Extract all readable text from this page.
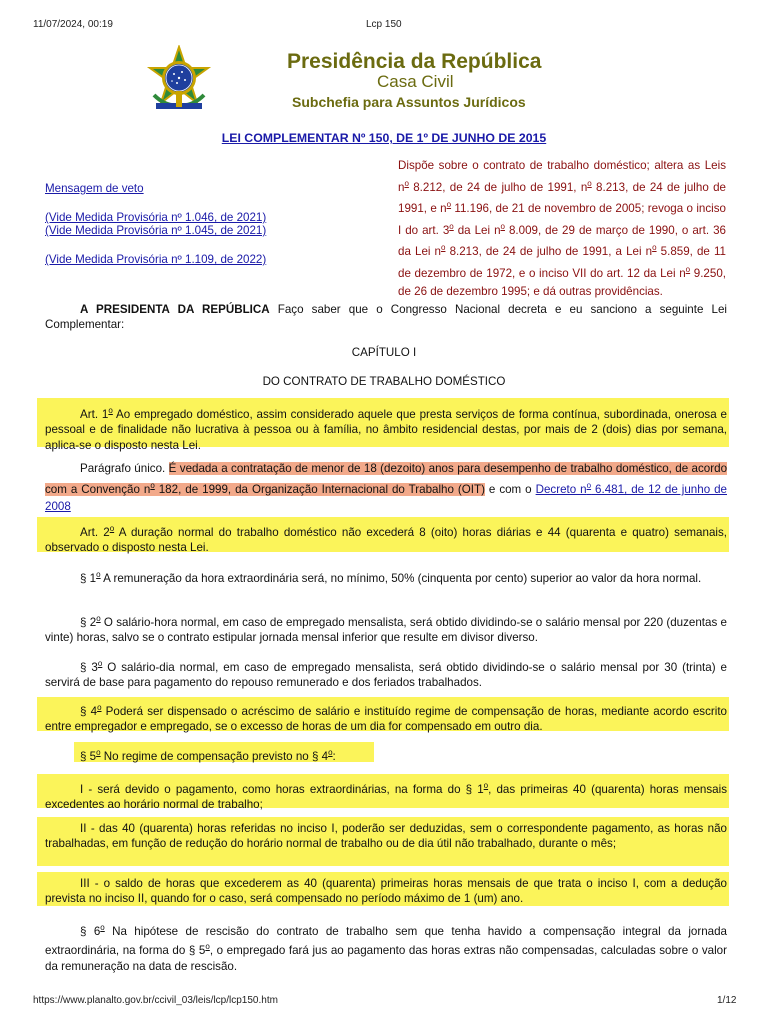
11/07/2024, 00:19	Lcp 150
https://www.planalto.gov.br/ccivil_03/leis/lcp/lcp150.htm	1/12
Presidência da República
Casa Civil
Subchefia para Assuntos Jurídicos
LEI COMPLEMENTAR Nº 150, DE 1º DE JUNHO DE 2015
Mensagem de veto
(Vide Medida Provisória nº 1.046, de 2021)
(Vide Medida Provisória nº 1.045, de 2021)
(Vide Medida Provisória nº 1.109, de 2022)
Dispõe sobre o contrato de trabalho doméstico; altera as Leis $n^o$ 8.212, de 24 de julho de 1991, $n^o$ 8.213, de 24 de julho de 1991, e $n^o$ 11.196, de 21 de novembro de 2005; revoga o inciso I do art. 3$^o$ da Lei $n^o$ 8.009, de 29 de março de 1990, o art. 36 da Lei $n^o$ 8.213, de 24 de julho de 1991, a Lei $n^o$ 5.859, de 11 de dezembro de 1972, e o inciso VII do art. 12 da Lei $n^o$ 9.250, de 26 de dezembro 1995; e dá outras providências.
A PRESIDENTA DA REPÚBLICA Faço saber que o Congresso Nacional decreta e eu sanciono a seguinte Lei Complementar:
CAPÍTULO I
DO CONTRATO DE TRABALHO DOMÉSTICO
Art. 1$^o$ Ao empregado doméstico, assim considerado aquele que presta serviços de forma contínua, subordinada, onerosa e pessoal e de finalidade não lucrativa à pessoa ou à família, no âmbito residencial destas, por mais de 2 (dois) dias por semana, aplica-se o disposto nesta Lei.
Parágrafo único. É vedada a contratação de menor de 18 (dezoito) anos para desempenho de trabalho doméstico, de acordo com a Convenção $n^o$ 182, de 1999, da Organização Internacional do Trabalho (OIT) e com o Decreto $n^o$ 6.481, de 12 de junho de 2008
Art. 2$^o$ A duração normal do trabalho doméstico não excederá 8 (oito) horas diárias e 44 (quarenta e quatro) semanais, observado o disposto nesta Lei.
§ 1$^o$ A remuneração da hora extraordinária será, no mínimo, 50% (cinquenta por cento) superior ao valor da hora normal.
§ 2$^o$ O salário-hora normal, em caso de empregado mensalista, será obtido dividindo-se o salário mensal por 220 (duzentas e vinte) horas, salvo se o contrato estipular jornada mensal inferior que resulte em divisor diverso.
§ 3$^o$ O salário-dia normal, em caso de empregado mensalista, será obtido dividindo-se o salário mensal por 30 (trinta) e servirá de base para pagamento do repouso remunerado e dos feriados trabalhados.
§ 4$^o$ Poderá ser dispensado o acréscimo de salário e instituído regime de compensação de horas, mediante acordo escrito entre empregador e empregado, se o excesso de horas de um dia for compensado em outro dia.
§ 5$^o$ No regime de compensação previsto no § 4$^o$:
I - será devido o pagamento, como horas extraordinárias, na forma do § 1$^o$, das primeiras 40 (quarenta) horas mensais excedentes ao horário normal de trabalho;
II - das 40 (quarenta) horas referidas no inciso I, poderão ser deduzidas, sem o correspondente pagamento, as horas não trabalhadas, em função de redução do horário normal de trabalho ou de dia útil não trabalhado, durante o mês;
III - o saldo de horas que excederem as 40 (quarenta) primeiras horas mensais de que trata o inciso I, com a dedução prevista no inciso II, quando for o caso, será compensado no período máximo de 1 (um) ano.
§ 6$^o$ Na hipótese de rescisão do contrato de trabalho sem que tenha havido a compensação integral da jornada extraordinária, na forma do § 5$^o$, o empregado fará jus ao pagamento das horas extras não compensadas, calculadas sobre o valor da remuneração na data de rescisão.
